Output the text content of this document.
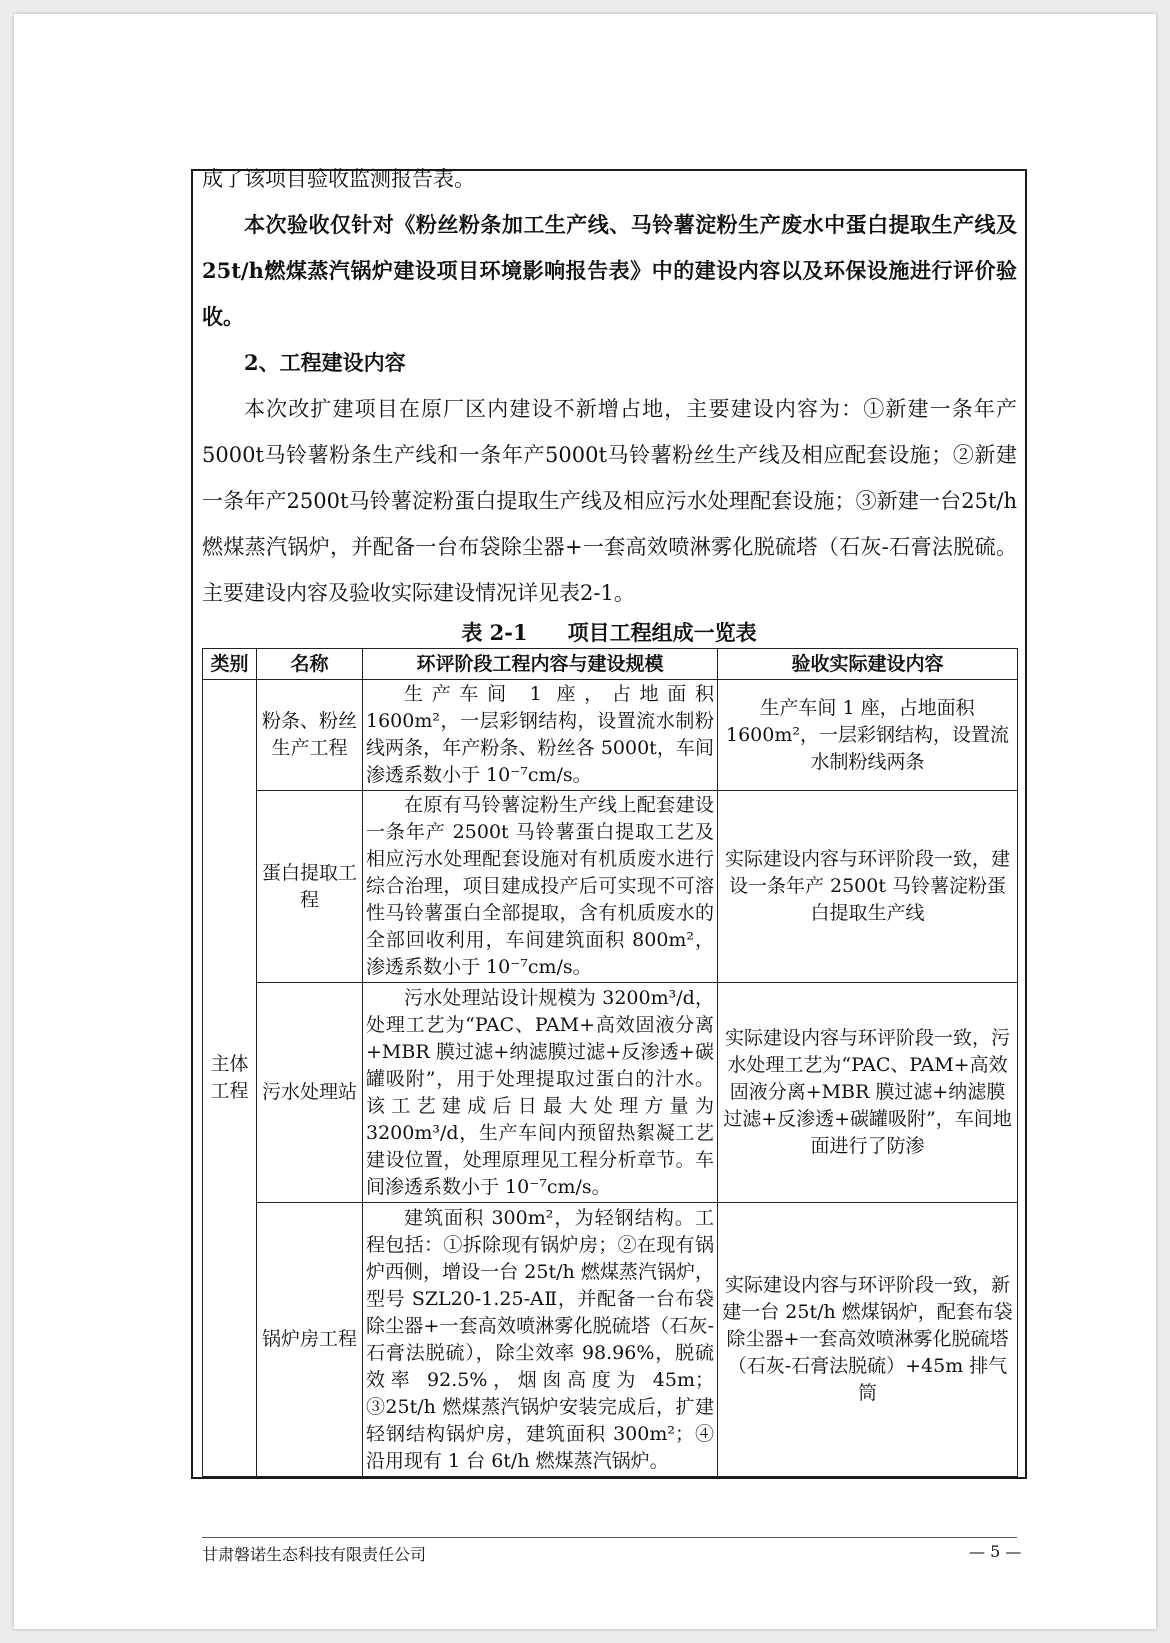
成了该项目验收监测报告表。

本次验收仅针对《粉丝粉条加工生产线、马铃薯淀粉生产废水中蛋白提取生产线及25t/h燃煤蒸汽锅炉建设项目环境影响报告表》中的建设内容以及环保设施进行评价验收。

2、工程建设内容

本次改扩建项目在原厂区内建设不新增占地，主要建设内容为：①新建一条年产5000t马铃薯粉条生产线和一条年产5000t马铃薯粉丝生产线及相应配套设施；②新建一条年产2500t马铃薯淀粉蛋白提取生产线及相应污水处理配套设施；③新建一台25t/h燃煤蒸汽锅炉，并配备一台布袋除尘器+一套高效喷淋雾化脱硫塔（石灰-石膏法脱硫。主要建设内容及验收实际建设情况详见表2-1。

表 2-1 项目工程组成一览表
类别	名称	环评阶段工程内容与建设规模	验收实际建设内容
主体工程	粉条、粉丝生产工程	生产车间 1 座，占地面积 1600m²，一层彩钢结构，设置流水制粉线两条，年产粉条、粉丝各 5000t，车间渗透系数小于 10⁻⁷cm/s。	生产车间 1 座，占地面积 1600m²，一层彩钢结构，设置流水制粉线两条
	蛋白提取工程	在原有马铃薯淀粉生产线上配套建设一条年产 2500t 马铃薯蛋白提取工艺及相应污水处理配套设施对有机质废水进行综合治理，项目建成投产后可实现不可溶性马铃薯蛋白全部提取，含有机质废水的全部回收利用，车间建筑面积 800m²，渗透系数小于 10⁻⁷cm/s。	实际建设内容与环评阶段一致，建设一条年产 2500t 马铃薯淀粉蛋白提取生产线
	污水处理站	污水处理站设计规模为 3200m³/d，处理工艺为“PAC、PAM+高效固液分离+MBR 膜过滤+纳滤膜过滤+反渗透+碳罐吸附”，用于处理提取过蛋白的汁水。该工艺建成后日最大处理方量为 3200m³/d，生产车间内预留热絮凝工艺建设位置，处理原理见工程分析章节。车间渗透系数小于 10⁻⁷cm/s。	实际建设内容与环评阶段一致，污水处理工艺为“PAC、PAM+高效固液分离+MBR 膜过滤+纳滤膜过滤+反渗透+碳罐吸附”，车间地面进行了防渗
	锅炉房工程	建筑面积 300m²，为轻钢结构。工程包括：①拆除现有锅炉房；②在现有锅炉西侧，增设一台 25t/h 燃煤蒸汽锅炉，型号 SZL20-1.25-AⅡ，并配备一台布袋除尘器+一套高效喷淋雾化脱硫塔（石灰-石膏法脱硫），除尘效率 98.96%，脱硫效率 92.5%，烟囱高度为 45m；③25t/h 燃煤蒸汽锅炉安装完成后，扩建轻钢结构锅炉房，建筑面积 300m²；④沿用现有 1 台 6t/h 燃煤蒸汽锅炉。	实际建设内容与环评阶段一致，新建一台 25t/h 燃煤锅炉，配套布袋除尘器+一套高效喷淋雾化脱硫塔（石灰-石膏法脱硫）+45m 排气筒
甘肃磐诺生态科技有限责任公司	— 5 —
